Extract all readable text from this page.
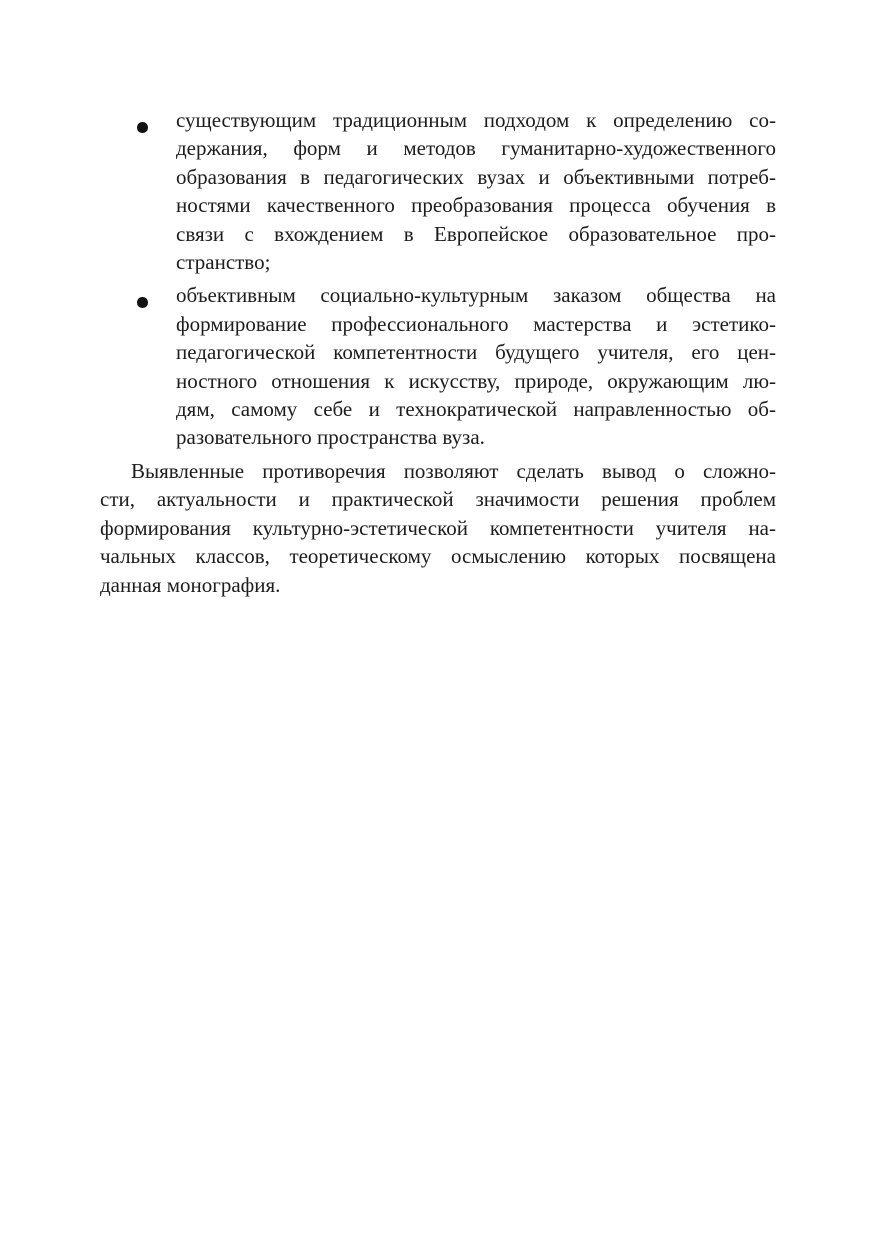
существующим традиционным подходом к определению со-
держания, форм и методов гуманитарно-художественного
образования в педагогических вузах и объективными потреб-
ностями качественного преобразования процесса обучения в
связи с вхождением в Европейское образовательное про-
странство;
объективным социально-культурным заказом общества на
формирование профессионального мастерства и эстетико-
педагогической компетентности будущего учителя, его цен-
ностного отношения к искусству, природе, окружающим лю-
дям, самому себе и технократической направленностью об-
разовательного пространства вуза.
Выявленные противоречия позволяют сделать вывод о сложно-
сти, актуальности и практической значимости решения проблем
формирования культурно-эстетической компетентности учителя на-
чальных классов, теоретическому осмыслению которых посвящена
данная монография.
